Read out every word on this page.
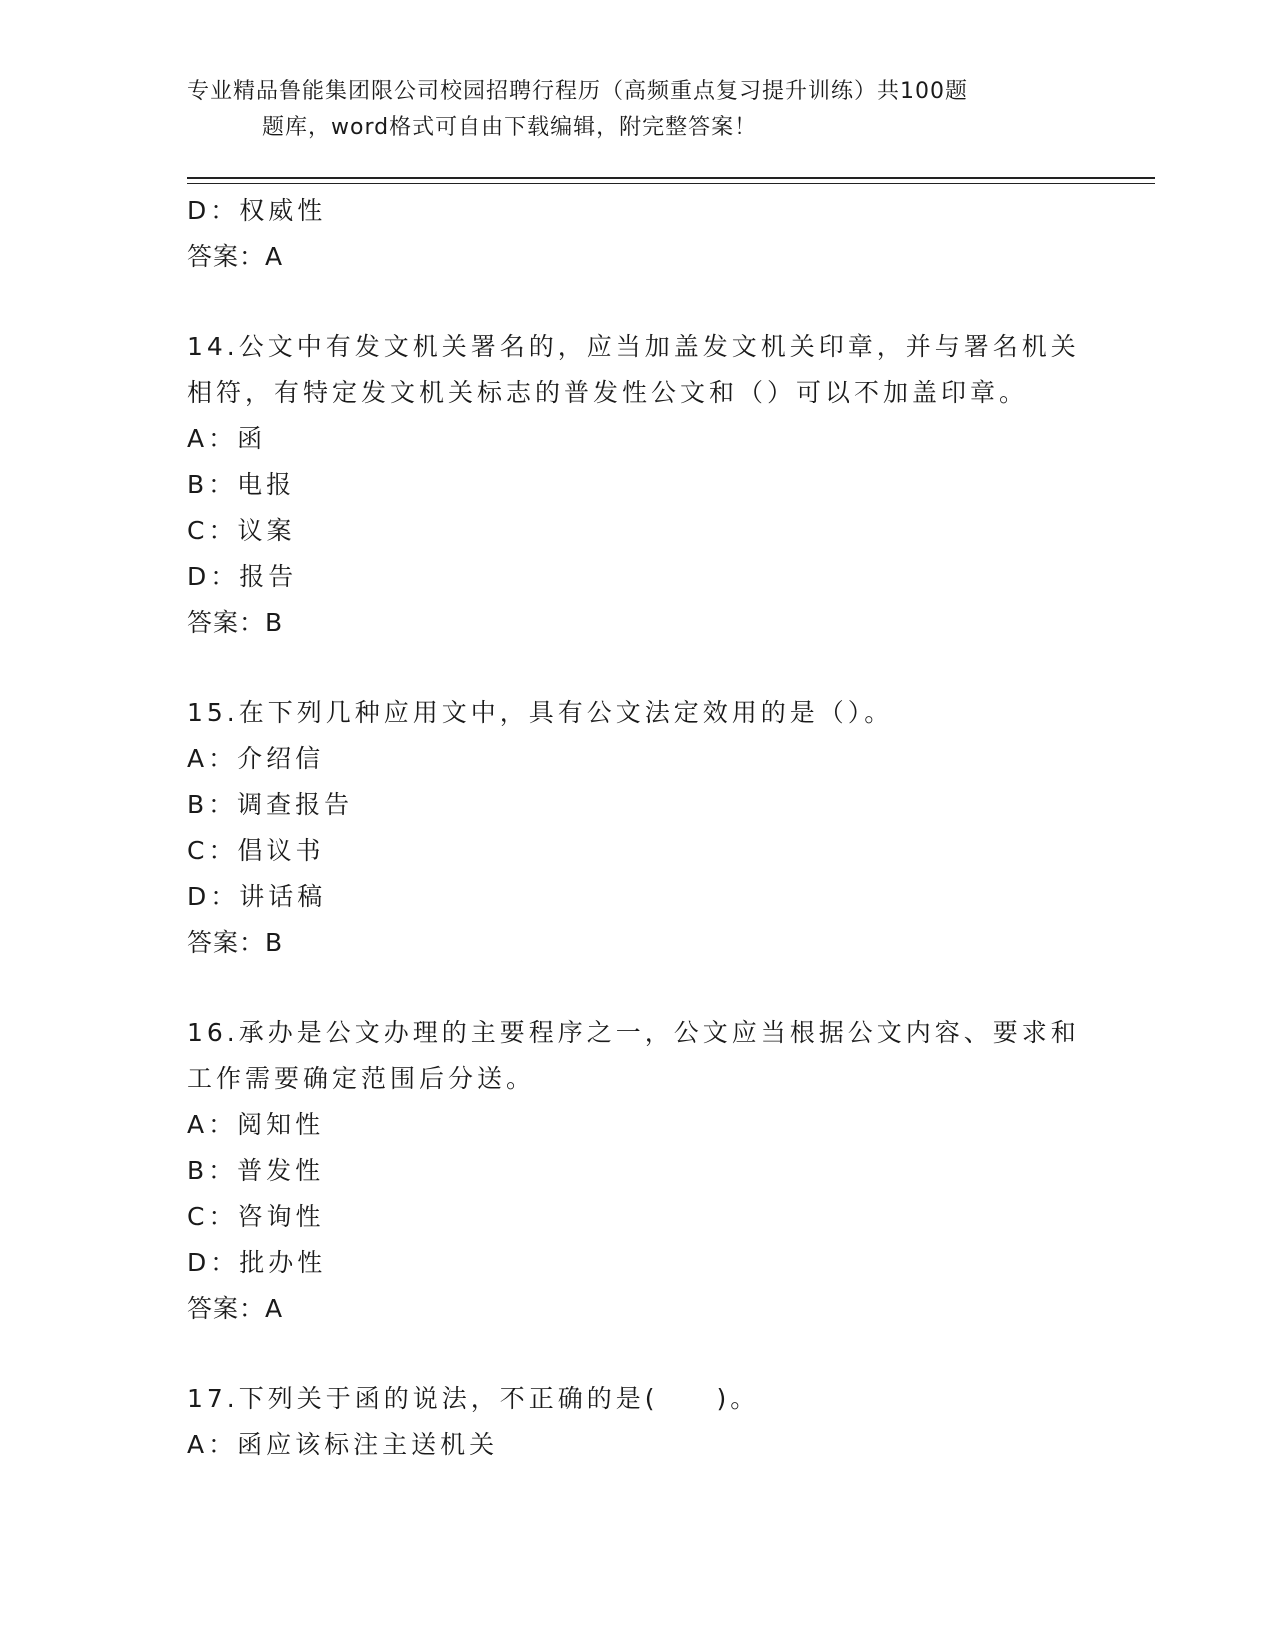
专业精品鲁能集团限公司校园招聘行程历（高频重点复习提升训练）共100题
题库，word格式可自由下载编辑，附完整答案！
D：权威性
答案：A
14.公文中有发文机关署名的，应当加盖发文机关印章，并与署名机关
相符，有特定发文机关标志的普发性公文和（）可以不加盖印章。
A：函
B：电报
C：议案
D：报告
答案：B
15.在下列几种应用文中，具有公文法定效用的是（）。
A：介绍信
B：调查报告
C：倡议书
D：讲话稿
答案：B
16.承办是公文办理的主要程序之一，公文应当根据公文内容、要求和
工作需要确定范围后分送。
A：阅知性
B：普发性
C：咨询性
D：批办性
答案：A
17.下列关于函的说法，不正确的是(　　)。
A：函应该标注主送机关
